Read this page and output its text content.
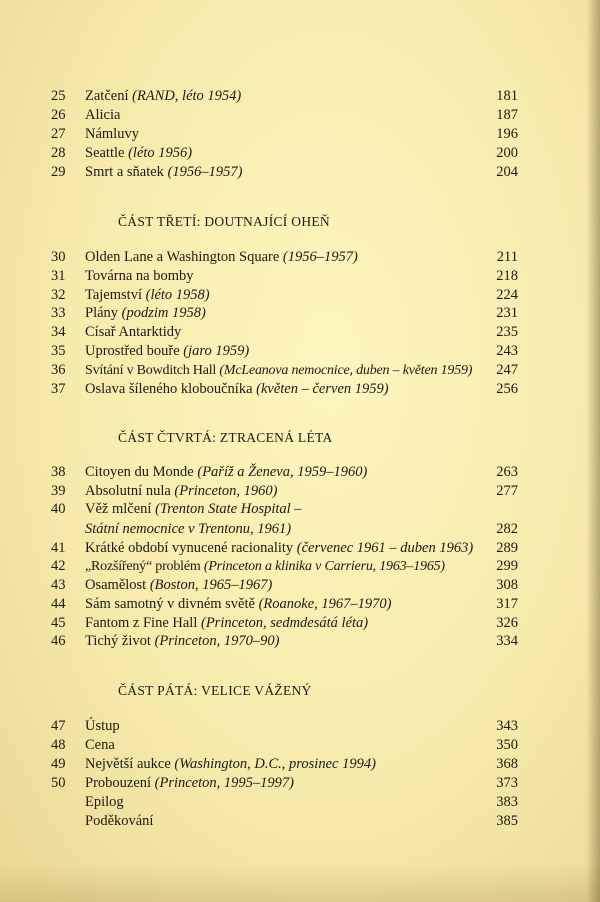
25	Zatčení (RAND, léto 1954)	181
26	Alicia	187
27	Námluvy	196
28	Seattle (léto 1956)	200
29	Smrt a sňatek (1956–1957)	204
ČÁST TŘETÍ: DOUTNAJÍCÍ OHEŇ
30	Olden Lane a Washington Square (1956–1957)	211
31	Továrna na bomby	218
32	Tajemství (léto 1958)	224
33	Plány (podzim 1958)	231
34	Císař Antarktidy	235
35	Uprostřed bouře (jaro 1959)	243
36	Svítání v Bowditch Hall (McLeanova nemocnice, duben – květen 1959) 247
37	Oslava šíleného kloboučníka (květen – červen 1959)	256
ČÁST ČTVRTÁ: ZTRACENÁ LÉTA
38	Citoyen du Monde (Paříž a Ženeva, 1959–1960)	263
39	Absolutní nula (Princeton, 1960)	277
40	Věž mlčení (Trenton State Hospital –
Státní nemocnice v Trentonu, 1961)	282
41	Krátké období vynucené racionality (červenec 1961 – duben 1963) 289
42	„Rozšířený“ problém (Princeton a klinika v Carrieru, 1963–1965)	299
43	Osamělost (Boston, 1965–1967)	308
44	Sám samotný v divném světě (Roanoke, 1967–1970)	317
45	Fantom z Fine Hall (Princeton, sedmdesátá léta)	326
46	Tichý život (Princeton, 1970–90)	334
ČÁST PÁTÁ: VELICE VÁŽENÝ
47	Ústup	343
48	Cena	350
49	Největší aukce (Washington, D.C., prosinec 1994)	368
50	Probouzení (Princeton, 1995–1997)	373
Epilog	383
Poděkování	385
